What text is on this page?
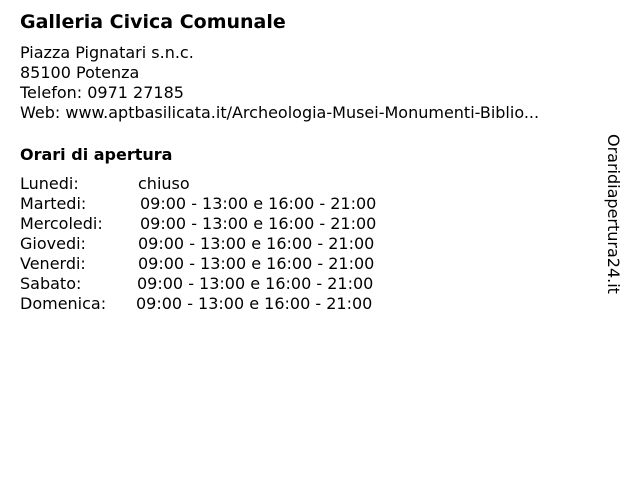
Galleria Civica Comunale
Piazza Pignatari s.n.c.
85100 Potenza
Telefon: 0971 27185
Web: www.aptbasilicata.it/Archeologia-Musei-Monumenti-Biblio...
Orari di apertura
Lunedi:	chiuso
Martedi:	09:00 - 13:00 e 16:00 - 21:00
Mercoledi: 09:00 - 13:00 e 16:00 - 21:00
Giovedi:	09:00 - 13:00 e 16:00 - 21:00
Venerdi:	09:00 - 13:00 e 16:00 - 21:00
Sabato:	09:00 - 13:00 e 16:00 - 21:00
Domenica: 09:00 - 13:00 e 16:00 - 21:00
Oraridiapertura24.it
